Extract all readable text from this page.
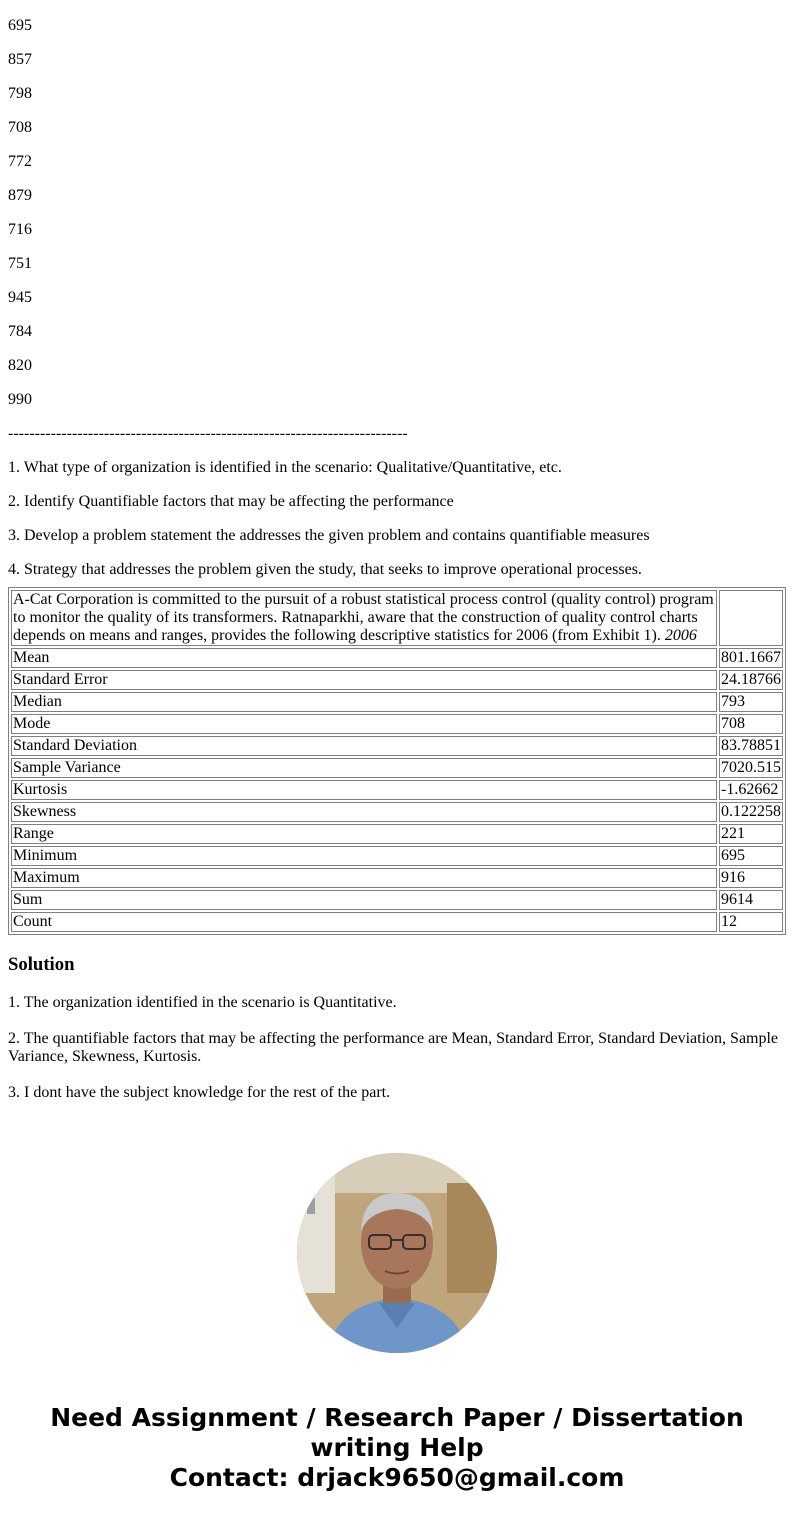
695

857

798

708

772

879

716

751

945

784

820

990

---------------------------------------------------------------------------

1. What type of organization is identified in the scenario: Qualitative/Quantitative, etc.

2. Identify Quantifiable factors that may be affecting the performance

3. Develop a problem statement the addresses the given problem and contains quantifiable measures

4. Strategy that addresses the problem given the study, that seeks to improve operational processes.

A-Cat Corporation is committed to the pursuit of a robust statistical process control (quality control) program to monitor the quality of its transformers. Ratnaparkhi, aware that the construction of quality control charts depends on means and ranges, provides the following descriptive statistics for 2006 (from Exhibit 1). 2006	
Mean	801.1667
Standard Error	24.18766
Median	793
Mode	708
Standard Deviation	83.78851
Sample Variance	7020.515
Kurtosis	-1.62662
Skewness	0.122258
Range	221
Minimum	695
Maximum	916
Sum	9614
Count	12
Solution

1. The organization identified in the scenario is Quantitative.

2. The quantifiable factors that may be affecting the performance are Mean, Standard Error, Standard Deviation, Sample Variance, Skewness, Kurtosis.

3. I dont have the subject knowledge for the rest of the part.

Need Assignment / Research Paper / Dissertation
writing Help
Contact: drjack9650@gmail.com
